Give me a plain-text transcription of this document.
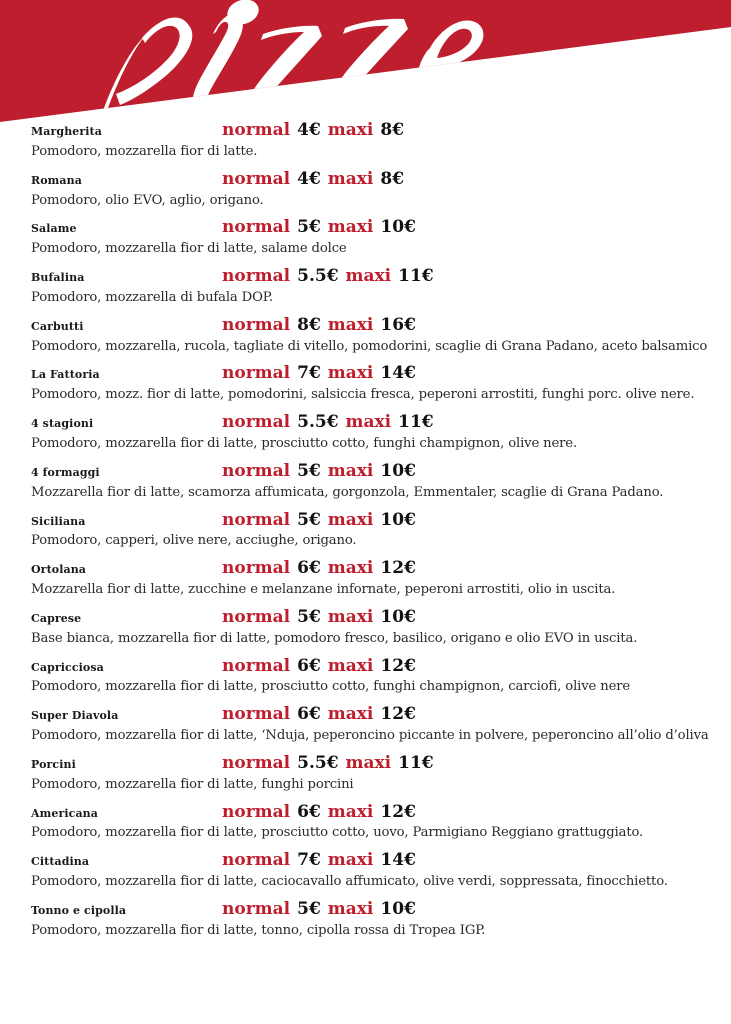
Margherita	normal 4€ maxi 8€
Pomodoro, mozzarella fior di latte.
Romana	normal 4€ maxi 8€
Pomodoro, olio EVO, aglio, origano.
Salame	normal 5€ maxi 10€
Pomodoro, mozzarella fior di latte, salame dolce
Bufalina	normal 5.5€ maxi 11€
Pomodoro, mozzarella di bufala DOP.
Carbutti	normal 8€ maxi 16€
Pomodoro, mozzarella, rucola, tagliate di vitello, pomodorini, scaglie di Grana Padano, aceto balsamico
La Fattoria	normal 7€ maxi 14€
Pomodoro, mozz. fior di latte, pomodorini, salsiccia fresca, peperoni arrostiti, funghi porc. olive nere.
4 stagioni	normal 5.5€ maxi 11€
Pomodoro, mozzarella fior di latte, prosciutto cotto, funghi champignon, olive nere.
4 formaggi	normal 5€ maxi 10€
Mozzarella fior di latte, scamorza affumicata, gorgonzola, Emmentaler, scaglie di Grana Padano.
Siciliana	normal 5€ maxi 10€
Pomodoro, capperi, olive nere, acciughe, origano.
Ortolana	normal 6€ maxi 12€
Mozzarella fior di latte, zucchine e melanzane infornate, peperoni arrostiti, olio in uscita.
Caprese	normal 5€ maxi 10€
Base bianca, mozzarella fior di latte, pomodoro fresco, basilico, origano e olio EVO in uscita.
Capricciosa	normal 6€ maxi 12€
Pomodoro, mozzarella fior di latte, prosciutto cotto, funghi champignon, carciofi, olive nere
Super Diavola	normal 6€ maxi 12€
Pomodoro, mozzarella fior di latte, ‘Nduja, peperoncino piccante in polvere, peperoncino all’olio d’oliva
Porcini	normal 5.5€ maxi 11€
Pomodoro, mozzarella fior di latte, funghi porcini
Americana	normal 6€ maxi 12€
Pomodoro, mozzarella fior di latte, prosciutto cotto, uovo, Parmigiano Reggiano grattuggiato.
Cittadina	normal 7€ maxi 14€
Pomodoro, mozzarella fior di latte, caciocavallo affumicato, olive verdi, soppressata, finocchietto.
Tonno e cipolla	normal 5€ maxi 10€
Pomodoro, mozzarella fior di latte, tonno, cipolla rossa di Tropea IGP.
